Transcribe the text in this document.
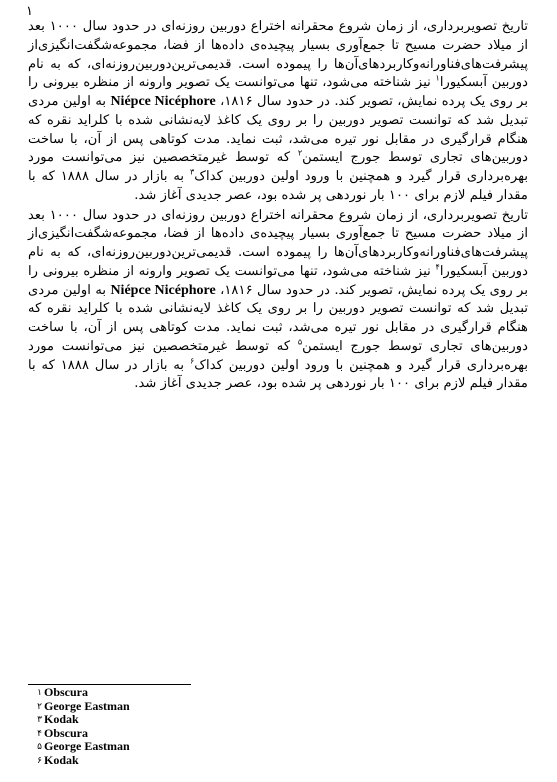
۱

تاریخ تصویربرداری، از زمان شروع محقرانه اختراع دوربین روزنه‌ای در حدود سال ۱۰۰۰ بعد از میلاد حضرت مسیح تا جمع‌آوری بسیار پیچیده‌ی داده‌ها از فضا، مجموعه‌شگفت‌انگیزی‌از پیشرفت‌های‌فناورانه‌وکاربردهای‌آن‌ها را پیموده است. قدیمی‌ترین‌دوربین‌روزنه‌ای، که به نام دوربین آبسکیورا$^۱$ نیز شناخته می‌شود، تنها می‌توانست یک تصویر وارونه از منظره بیرونی را بر روی یک پرده نمایش، تصویر کند. در حدود سال ۱۸۱۶، Niépce Nicéphore به اولین مردی تبدیل شد که توانست تصویر دوربین را بر روی یک کاغذ لایه‌نشانی شده با کلراید نقره که هنگام قرارگیری در مقابل نور تیره می‌شد، ثبت نماید. مدت کوتاهی پس از آن، با ساخت دوربین‌های تجاری توسط جورج ایستمن$^۲$ که توسط غیرمتخصصین نیز می‌توانست مورد بهره‌برداری قرار گیرد و همچنین با ورود اولین دوربین کداک$^۳$ به بازار در سال ۱۸۸۸ که با مقدار فیلم لازم برای ۱۰۰ بار نوردهی پر شده بود، عصر جدیدی آغاز شد.

تاریخ تصویربرداری، از زمان شروع محقرانه اختراع دوربین روزنه‌ای در حدود سال ۱۰۰۰ بعد از میلاد حضرت مسیح تا جمع‌آوری بسیار پیچیده‌ی داده‌ها از فضا، مجموعه‌شگفت‌انگیزی‌از پیشرفت‌های‌فناورانه‌وکاربردهای‌آن‌ها را پیموده است. قدیمی‌ترین‌دوربین‌روزنه‌ای، که به نام دوربین آبسکیورا$^۴$ نیز شناخته می‌شود، تنها می‌توانست یک تصویر وارونه از منظره بیرونی را بر روی یک پرده نمایش، تصویر کند. در حدود سال ۱۸۱۶، Niépce Nicéphore به اولین مردی تبدیل شد که توانست تصویر دوربین را بر روی یک کاغذ لایه‌نشانی شده با کلراید نقره که هنگام قرارگیری در مقابل نور تیره می‌شد، ثبت نماید. مدت کوتاهی پس از آن، با ساخت دوربین‌های تجاری توسط جورج ایستمن$^۵$ که توسط غیرمتخصصین نیز می‌توانست مورد بهره‌برداری قرار گیرد و همچنین با ورود اولین دوربین کداک$^۶$ به بازار در سال ۱۸۸۸ که با مقدار فیلم لازم برای ۱۰۰ بار نوردهی پر شده بود، عصر جدیدی آغاز شد.

۱ Obscura
۲ George Eastman
۳ Kodak
۴ Obscura
۵ George Eastman
۶ Kodak
